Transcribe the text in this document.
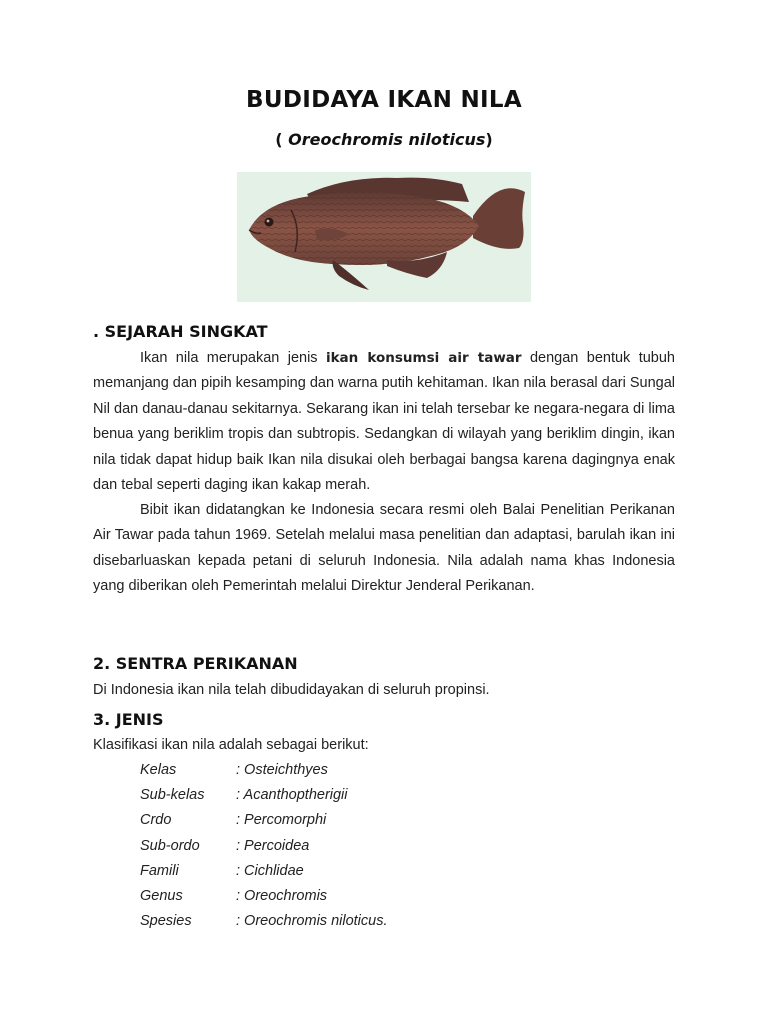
BUDIDAYA IKAN NILA
( Oreochromis niloticus)
. SEJARAH SINGKAT
Ikan nila merupakan jenis ikan konsumsi air tawar dengan bentuk tubuh memanjang dan pipih kesamping dan warna putih kehitaman. Ikan nila berasal dari Sungal Nil dan danau-danau sekitarnya. Sekarang ikan ini telah tersebar ke negara-negara di lima benua yang beriklim tropis dan subtropis. Sedangkan di wilayah yang beriklim dingin, ikan nila tidak dapat hidup baik Ikan nila disukai oleh berbagai bangsa karena dagingnya enak dan tebal seperti daging ikan kakap merah.
Bibit ikan didatangkan ke Indonesia secara resmi oleh Balai Penelitian Perikanan Air Tawar pada tahun 1969. Setelah melalui masa penelitian dan adaptasi, barulah ikan ini disebarluaskan kepada petani di seluruh Indonesia. Nila adalah nama khas Indonesia yang diberikan oleh Pemerintah melalui Direktur Jenderal Perikanan.
2. SENTRA PERIKANAN
Di Indonesia ikan nila telah dibudidayakan di seluruh propinsi.
3. JENIS
Klasifikasi ikan nila adalah sebagai berikut:
Kelas	: Osteichthyes
Sub-kelas : Acanthoptherigii
Crdo	: Percomorphi
Sub-ordo	: Percoidea
Famili	: Cichlidae
Genus	: Oreochromis
Spesies	: Oreochromis niloticus.
